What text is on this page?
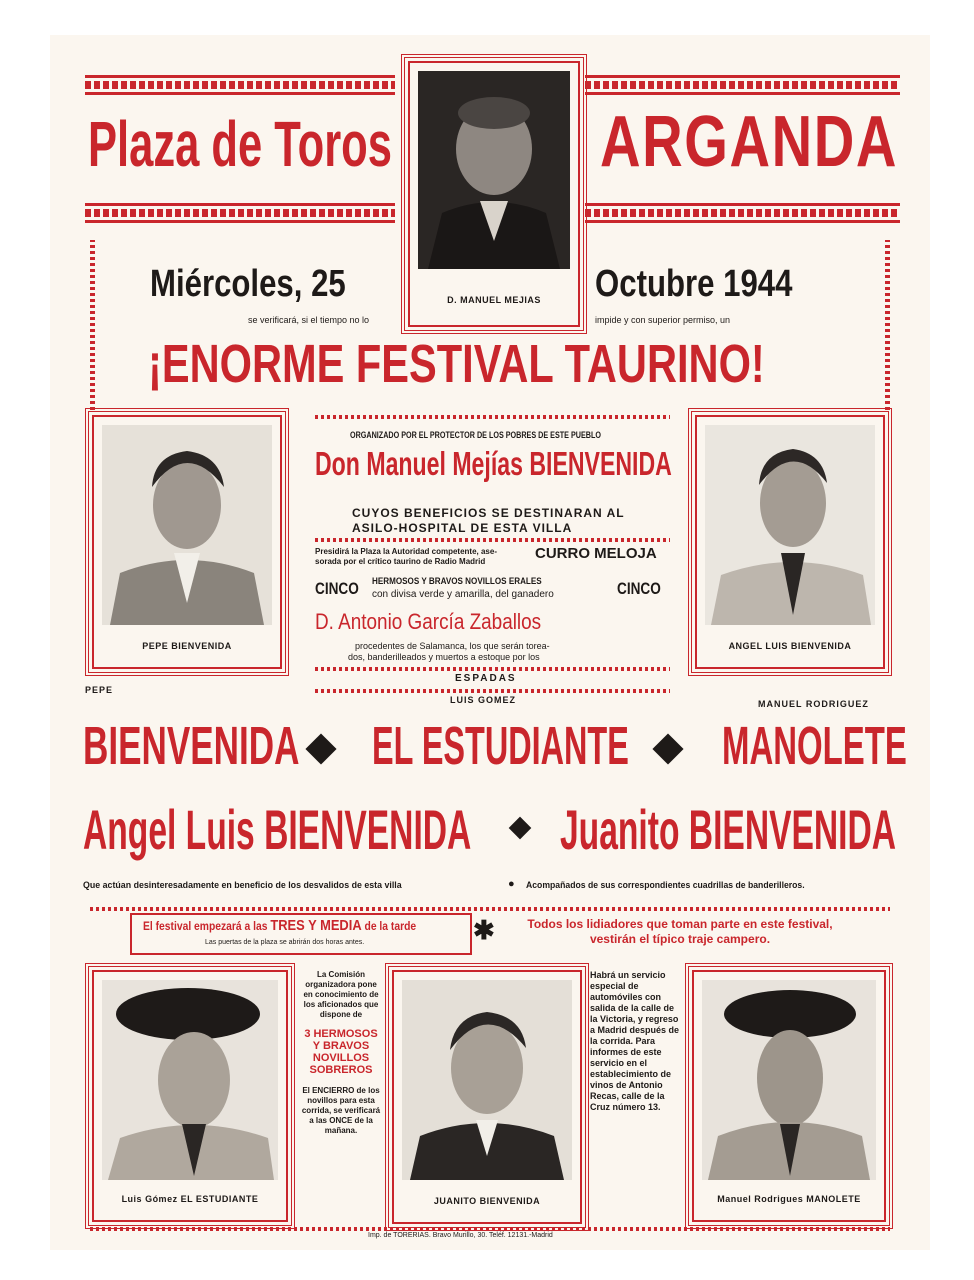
Plaza de Toros	ARGANDA
D. MANUEL MEJIAS
Miércoles, 25	Octubre 1944
se verificará, si el tiempo no lo	impide y con superior permiso, un
¡ENORME FESTIVAL TAURINO!
PEPE BIENVENIDA	ANGEL LUIS BIENVENIDA
ORGANIZADO POR EL PROTECTOR DE LOS POBRES DE ESTE PUEBLO
Don Manuel Mejías BIENVENIDA
CUYOS BENEFICIOS SE DESTINARAN AL
ASILO-HOSPITAL DE ESTA VILLA
Presidirá la Plaza la Autoridad competente, ase-
sorada por el crítico taurino de Radio Madrid	CURRO MELOJA
CINCO	CINCO
HERMOSOS Y BRAVOS NOVILLOS ERALES
con divisa verde y amarilla, del ganadero
D. Antonio García Zaballos
procedentes de Salamanca, los que serán torea-
dos, banderilleados y muertos a estoque por los
ESPADAS
PEPE
LUIS GOMEZ	MANUEL RODRIGUEZ
BIENVENIDA EL ESTUDIANTE MANOLETE
Angel Luis BIENVENIDA Juanito BIENVENIDA
Que actúan desinteresadamente en beneficio de los desvalidos de esta villa	● Acompañados de sus correspondientes cuadrillas de banderilleros.
El festival empezará a las TRES Y MEDIA de la tarde
Las puertas de la plaza se abrirán dos horas antes.	✱	Todos los lidiadores que toman parte en este festival, vestirán el típico traje campero.
Luis Gómez EL ESTUDIANTE
La Comisión organizadora pone en conocimiento de los aficionados que dispone de
3 HERMOSOS Y BRAVOS NOVILLOS SOBREROS
El ENCIERRO de los novillos para esta corrida, se verificará a las ONCE de la mañana.
JUANITO BIENVENIDA
Habrá un servicio especial de automóviles con salida de la calle de la Victoria, y regreso a Madrid después de la corrida. Para informes de este servicio en el establecimiento de vinos de Antonio Recas, calle de la Cruz número 13.
Manuel Rodrigues MANOLETE
Imp. de TORERIAS. Bravo Murillo, 30. Teléf. 12131.-Madrid
